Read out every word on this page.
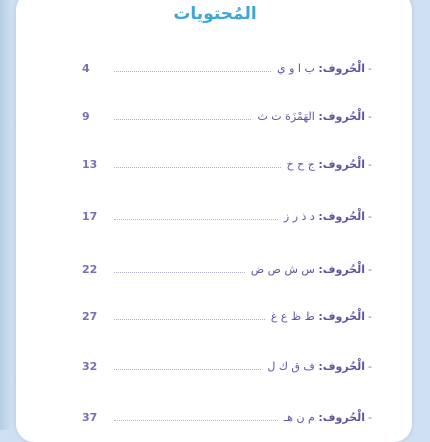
المُحتويات
4	الْحُروف: ب ا و ي	-
9	الْحُروف: الهَمْزَة ت ث	-
13	الْحُروف: ج ح خ	-
17	الْحُروف: د ذ ر ز	-
22	الْحُروف: س ش ص ض	-
27	الْحُروف: ط ظ ع غ	-
32	الْحُروف: ف ق ك ل	-
37	الْحُروف: م ن هـ	-
